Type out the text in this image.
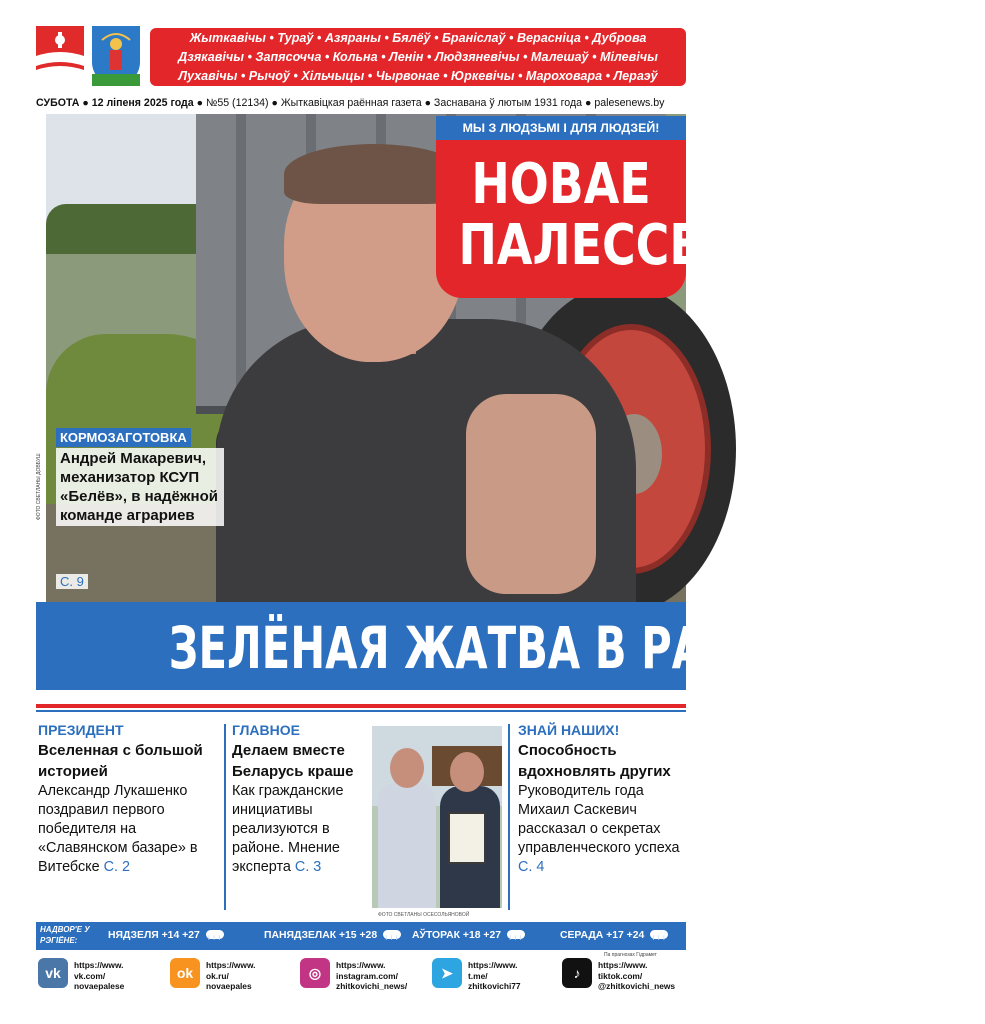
Жыткавічы • Тураў • Азяраны • Бялёў • Браніслаў • Верасніца • Дуброва
Дзякавічы • Запясочча • Кольна • Ленін • Людзяневічы • Малешаў • Мілевічы
Лухавічы • Рычоў • Хільчыцы • Чырвонае • Юркевічы • Мароховара • Лераэў
СУБОТА ● 12 ліпеня 2025 года ● №55 (12134) ● Жыткавіцкая раённая газета ● Заснавана ў лютым 1931 года ● palesenews.by
МЫ З ЛЮДЗЬМІ І ДЛЯ ЛЮДЗЕЙ!
НОВАЕ
ПАЛЕССЕ
КОРМОЗАГОТОВКА
Андрей Макаревич, механизатор КСУП «Белёв», в надёжной команде аграриев
С. 9
ФОТО СВЕТЛАНЫ ДОВБУШ
ЗЕЛЁНАЯ ЖАТВА В РАЗГАРЕ
ПРЕЗИДЕНТ
Вселенная с большой историей
Александр Лукашенко поздравил первого победителя на «Славянском базаре» в Витебске С. 2
ГЛАВНОЕ
Делаем вместе Беларусь краше
Как гражданские инициативы реализуются в районе. Мнение эксперта С. 3
ФОТО СВЕТЛАНЫ ОСЕСОЛЬЯНОВОЙ
ЗНАЙ НАШИХ!
Способность вдохновлять других
Руководитель года Михаил Саскевич рассказал о секретах управленческого успеха С. 4
НАДВОР'Е У РЭГІЁНЕ:	НЯДЗЕЛЯ +14 +27 ╵╵╵	ПАНЯДЗЕЛАК +15 +28 ╵╵╵	АЎТОРАК +18 +27 ╵╵╵	СЕРАДА +17 +24╵╵╵
Па прагнозах Гідрамет
vk	https://www.
vk.com/
novaepalese
ok	https://www.
ok.ru/
novaepales
◎	https://www.
instagram.com/
zhitkovichi_news/
➤	https://www.
t.me/
zhitkovichi77
♪	https://www.
tiktok.com/
@zhitkovichi_news
